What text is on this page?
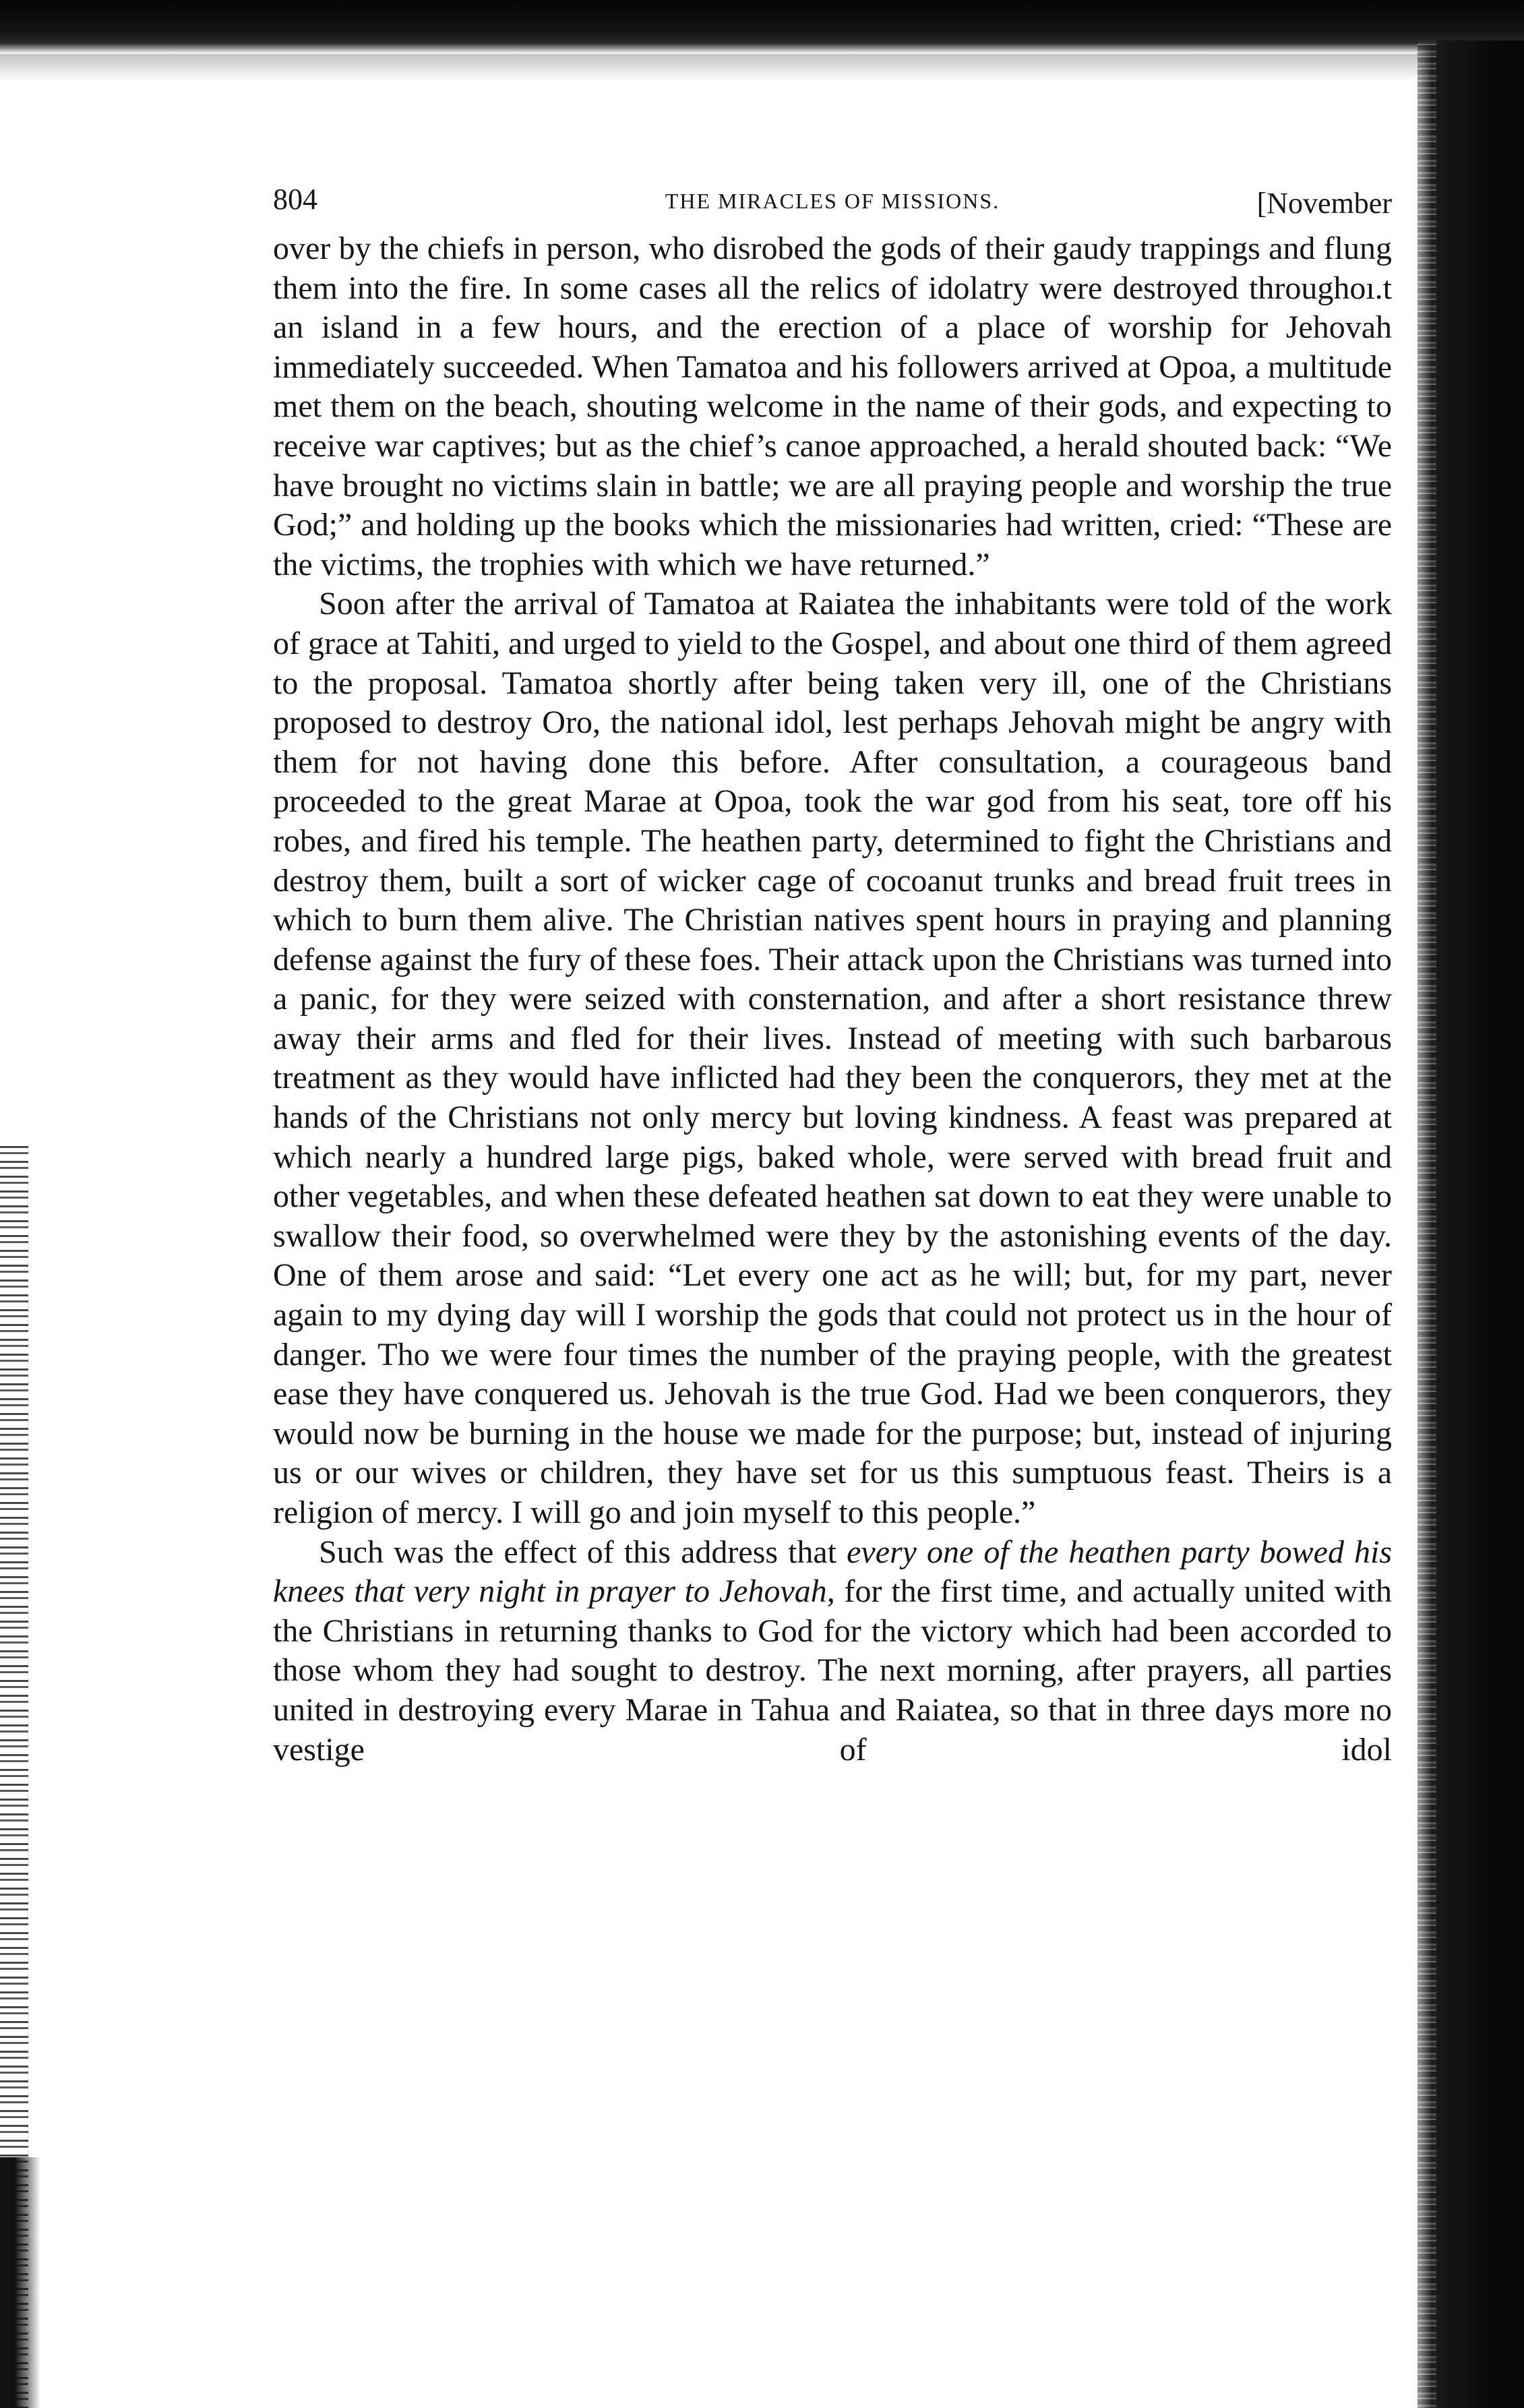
804	THE MIRACLES OF MISSIONS.	[November

over by the chiefs in person, who disrobed the gods of their gaudy trappings and flung them into the fire. In some cases all the relics of idolatry were destroyed throughoı.t an island in a few hours, and the erection of a place of worship for Jehovah immediately succeeded. When Tamatoa and his followers arrived at Opoa, a multitude met them on the beach, shouting welcome in the name of their gods, and expecting to receive war captives; but as the chief’s canoe approached, a herald shouted back: “We have brought no victims slain in battle; we are all praying people and worship the true God;” and holding up the books which the missionaries had written, cried: “These are the victims, the trophies with which we have returned.”

Soon after the arrival of Tamatoa at Raiatea the inhabitants were told of the work of grace at Tahiti, and urged to yield to the Gospel, and about one third of them agreed to the proposal. Tamatoa shortly after being taken very ill, one of the Christians proposed to destroy Oro, the national idol, lest perhaps Jehovah might be angry with them for not having done this before. After consultation, a courageous band proceeded to the great Marae at Opoa, took the war god from his seat, tore off his robes, and fired his temple. The heathen party, determined to fight the Christians and destroy them, built a sort of wicker cage of cocoanut trunks and bread fruit trees in which to burn them alive. The Christian natives spent hours in praying and planning defense against the fury of these foes. Their attack upon the Christians was turned into a panic, for they were seized with consternation, and after a short resistance threw away their arms and fled for their lives. Instead of meeting with such barbarous treatment as they would have inflicted had they been the conquerors, they met at the hands of the Christians not only mercy but loving kindness. A feast was prepared at which nearly a hundred large pigs, baked whole, were served with bread fruit and other vegetables, and when these defeated heathen sat down to eat they were unable to swallow their food, so overwhelmed were they by the astonishing events of the day. One of them arose and said: “Let every one act as he will; but, for my part, never again to my dying day will I worship the gods that could not protect us in the hour of danger. Tho we were four times the number of the praying people, with the greatest ease they have conquered us. Jehovah is the true God. Had we been conquerors, they would now be burning in the house we made for the purpose; but, instead of injuring us or our wives or children, they have set for us this sumptuous feast. Theirs is a religion of mercy. I will go and join myself to this people.”

Such was the effect of this address that every one of the heathen party bowed his knees that very night in prayer to Jehovah, for the first time, and actually united with the Christians in returning thanks to God for the victory which had been accorded to those whom they had sought to destroy. The next morning, after prayers, all parties united in destroying every Marae in Tahua and Raiatea, so that in three days more no vestige of idol
